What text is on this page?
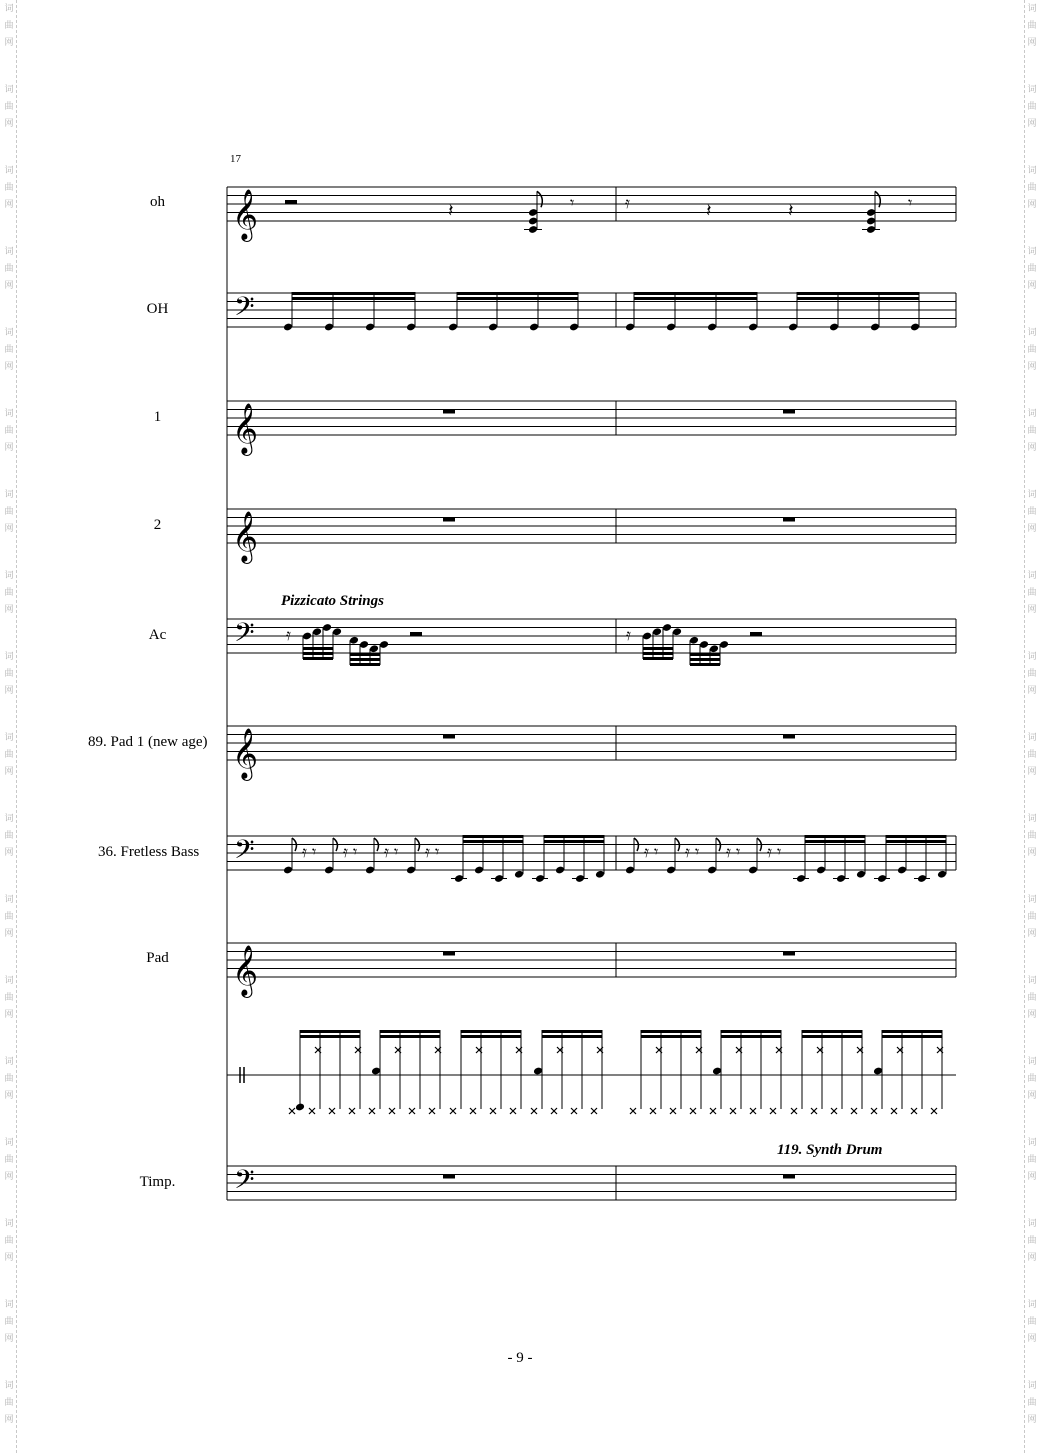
词
曲
网
词
曲
网
词
曲
网
词
曲
网
词
曲
网
词
曲
网
词
曲
网
词
曲
网
词
曲
网
词
曲
网
词
曲
网
词
曲
网
词
曲
网
词
曲
网
词
曲
网
词
曲
网
词
曲
网
词
曲
网
词
曲
网
词
曲
网
词
曲
网
词
曲
网
词
曲
网
词
曲
网
词
曲
网
词
曲
网
词
曲
网
词
曲
网
词
曲
网
词
曲
网
词
曲
网
词
曲
网
词
曲
网
词
曲
网
词
曲
网
词
曲
网
𝄞
𝄢
𝄞
𝄞
𝄢
𝄞
𝄢
𝄞
𝄢
𝄽	𝄾	𝄿	𝄽	𝄽	𝄾
𝄿	𝄿
𝄿 𝄾 𝄿 𝄾 𝄿 𝄾 𝄿 𝄾	𝄿 𝄾 𝄿 𝄾 𝄿 𝄾 𝄿 𝄾
oh
OH
1
2
Ac
89. Pad 1 (new age)
36. Fretless Bass
Pad
Timp.
17
Pizzicato Strings
119. Synth Drum
- 9 -
